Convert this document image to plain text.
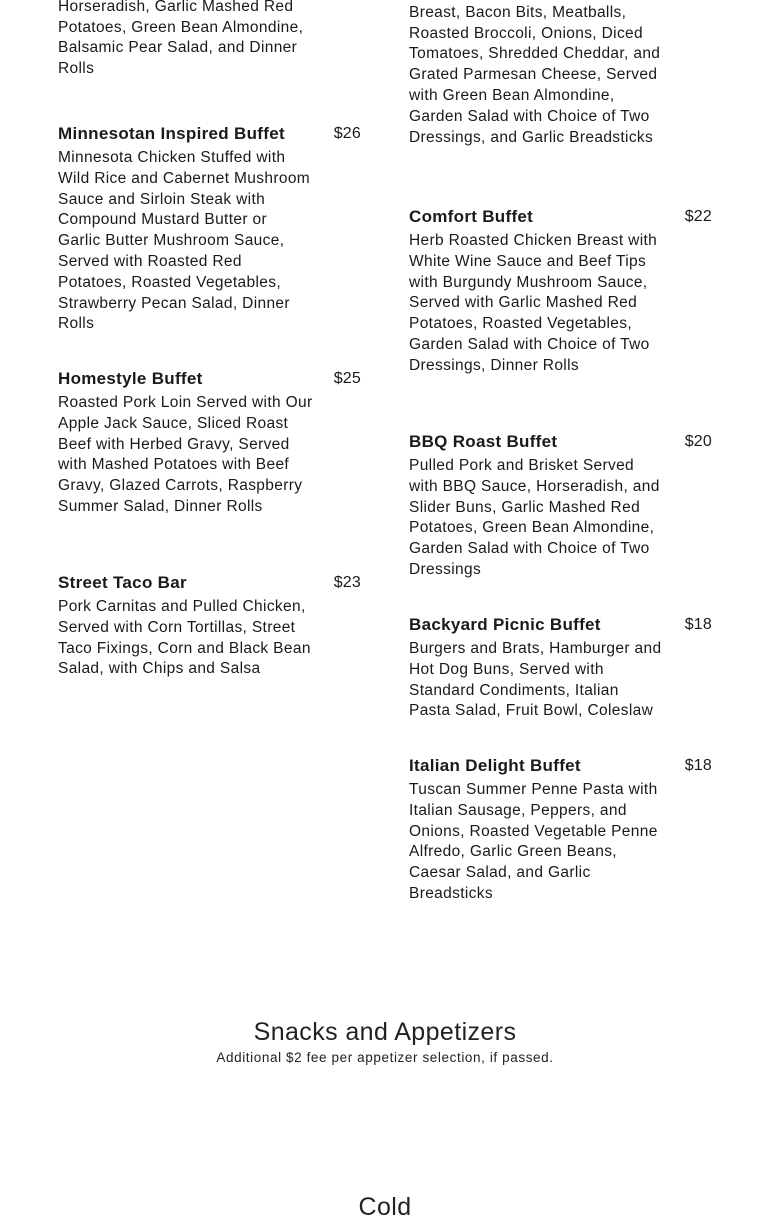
Horseradish, Garlic Mashed Red Potatoes, Green Bean Almondine, Balsamic Pear Salad, and Dinner Rolls
Minnesotan Inspired Buffet	$26
Minnesota Chicken Stuffed with Wild Rice and Cabernet Mushroom Sauce and Sirloin Steak with Compound Mustard Butter or Garlic Butter Mushroom Sauce, Served with Roasted Red Potatoes, Roasted Vegetables, Strawberry Pecan Salad, Dinner Rolls
Homestyle Buffet	$25
Roasted Pork Loin Served with Our Apple Jack Sauce, Sliced Roast Beef with Herbed Gravy, Served with Mashed Potatoes with Beef Gravy, Glazed Carrots, Raspberry Summer Salad, Dinner Rolls
Street Taco Bar	$23
Pork Carnitas and Pulled Chicken, Served with Corn Tortillas, Street Taco Fixings, Corn and Black Bean Salad, with Chips and Salsa
Breast, Bacon Bits, Meatballs, Roasted Broccoli, Onions, Diced Tomatoes, Shredded Cheddar, and Grated Parmesan Cheese, Served with Green Bean Almondine, Garden Salad with Choice of Two Dressings, and Garlic Breadsticks
Comfort Buffet	$22
Herb Roasted Chicken Breast with White Wine Sauce and Beef Tips with Burgundy Mushroom Sauce, Served with Garlic Mashed Red Potatoes, Roasted Vegetables, Garden Salad with Choice of Two Dressings, Dinner Rolls
BBQ Roast Buffet	$20
Pulled Pork and Brisket Served with BBQ Sauce, Horseradish, and Slider Buns, Garlic Mashed Red Potatoes, Green Bean Almondine, Garden Salad with Choice of Two Dressings
Backyard Picnic Buffet	$18
Burgers and Brats, Hamburger and Hot Dog Buns, Served with Standard Condiments, Italian Pasta Salad, Fruit Bowl, Coleslaw
Italian Delight Buffet	$18
Tuscan Summer Penne Pasta with Italian Sausage, Peppers, and Onions, Roasted Vegetable Penne Alfredo, Garlic Green Beans, Caesar Salad, and Garlic Breadsticks
Snacks and Appetizers
Additional $2 fee per appetizer selection, if passed.
Cold
